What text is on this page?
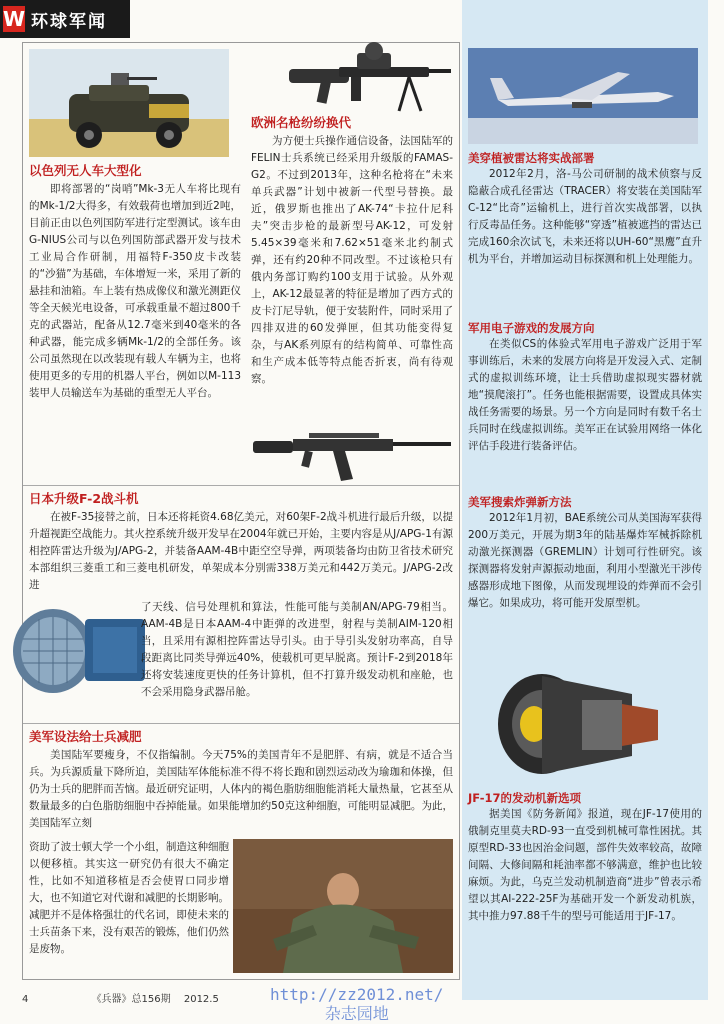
W 环球军闻
以色列无人车大型化

即将部署的“岗哨”Mk-3无人车将比现有的Mk-1/2大得多，有效载荷也增加到近2吨，目前正由以色列国防军进行定型测试。该车由G-NIUS公司与以色列国防部武器开发与技术工业局合作研制，用福特F-350皮卡改装的“沙猫”为基础，车体增短一米，采用了新的悬挂和油箱。车上装有热成像仪和激光测距仪等全天候光电设备，可承载重量不超过800千克的武器站，配备从12.7毫米到40毫米的各种武器，能完成多辆Mk-1/2的全部任务。该公司虽然现在以改装现有载人车辆为主，也将使用更多的专用的机器人平台，例如以M-113装甲人员输送车为基础的重型无人平台。

欧洲名枪纷纷换代

为方便士兵操作通信设备，法国陆军的FELIN士兵系统已经采用升级版的FAMAS-G2。不过到2013年，这种名枪将在“未来单兵武器”计划中被新一代型号替换。最近，俄罗斯也推出了AK-74“卡拉什尼科夫”突击步枪的最新型号AK-12，可发射5.45×39毫米和7.62×51毫米北约制式弹，还有约20种不同改型。不过该枪只有俄内务部订购约100支用于试验。从外观上，AK-12最显著的特征是增加了西方式的皮卡汀尼导轨，便于安装附件，同时采用了四排双进的60发弹匣，但其功能变得复杂，与AK系列原有的结构简单、可靠性高和生产成本低等特点能否折衷，尚有待观察。

日本升级F-2战斗机

在被F-35接替之前，日本还将耗资4.68亿美元，对60架F-2战斗机进行最后升级，以提升超视距空战能力。其火控系统升级开发早在2004年就已开始，主要内容是从J/APG-1有源相控阵雷达升级为J/APG-2，并装备AAM-4B中距空空导弹，两项装备均由防卫省技术研究本部组织三菱重工和三菱电机研发，单架成本分别需338万美元和442万美元。J/APG-2改进

了天线、信号处理机和算法，性能可能与美制AN/APG-79相当。AAM-4B是日本AAM-4中距弹的改进型，射程与美制AIM-120相当，且采用有源相控阵雷达导引头。由于导引头发射功率高，自导段距离比同类导弹远40%，使载机可更早脱离。预计F-2到2018年还将安装速度更快的任务计算机，但不打算升级发动机和座舱，也不会采用隐身武器吊舱。

美军设法给士兵减肥

美国陆军要瘦身，不仅指编制。今天75%的美国青年不是肥胖、有病，就是不适合当兵。为兵源质量下降所迫，美国陆军体能标准不得不将长跑和剧烈运动改为瑜珈和体操，但仍为士兵的肥胖而苦恼。最近研究证明，人体内的褐色脂肪细胞能消耗大量热量，它甚至从数量最多的白色脂肪细胞中吞掉能量。如果能增加约50克这种细胞，可能明显减肥。为此，美国陆军立刻

资助了波士顿大学一个小组，制造这种细胞以便移植。其实这一研究仍有很大不确定性，比如不知道移植是否会使胃口同步增大，也不知道它对代谢和减肥的长期影响。减肥并不是体格强壮的代名词，即使未来的士兵苗条下来，没有艰苦的锻炼，他们仍然是废物。

美穿植被雷达将实战部署

2012年2月，洛-马公司研制的战术侦察与反隐蔽合成孔径雷达（TRACER）将安装在美国陆军C-12“比奇”运输机上，进行首次实战部署，以执行反毒品任务。这种能够“穿透”植被遮挡的雷达已完成160余次试飞，未来还将以UH-60“黑鹰”直升机为平台，并增加运动目标探测和机上处理能力。

军用电子游戏的发展方向

在类似CS的体验式军用电子游戏广泛用于军事训练后，未来的发展方向将是开发浸入式、定制式的虚拟训练环境，让士兵借助虚拟现实器材就地“摸爬滚打”。任务也能根据需要，设置成具体实战任务需要的场景。另一个方向是同时有数千名士兵同时在线虚拟训练。美军正在试验用网络一体化评估手段进行装备评估。

美军搜索炸弹新方法

2012年1月初，BAE系统公司从美国海军获得200万美元，开展为期3年的陆基爆炸军械拆除机动激光探测器（GREMLIN）计划可行性研究。该探测器将发射声源振动地面，利用小型激光干涉传感器形成地下图像，从而发现埋设的炸弹而不会引爆它。如果成功，将可能开发原型机。

JF-17的发动机新选项

据美国《防务新闻》报道，现在JF-17使用的俄制克里莫夫RD-93一直受到机械可靠性困扰。其原型RD-33也因治金问题，部件失效率较高，故障间隔、大修间隔和耗油率都不够满意，维护也比较麻烦。为此，乌克兰发动机制造商“进步”曾表示希望以其AI-222-25F为基础开发一个新发动机族，其中推力97.88千牛的型号可能适用于JF-17。

4	《兵器》总156期 2012.5	http://zz2012.net/
杂志园地
